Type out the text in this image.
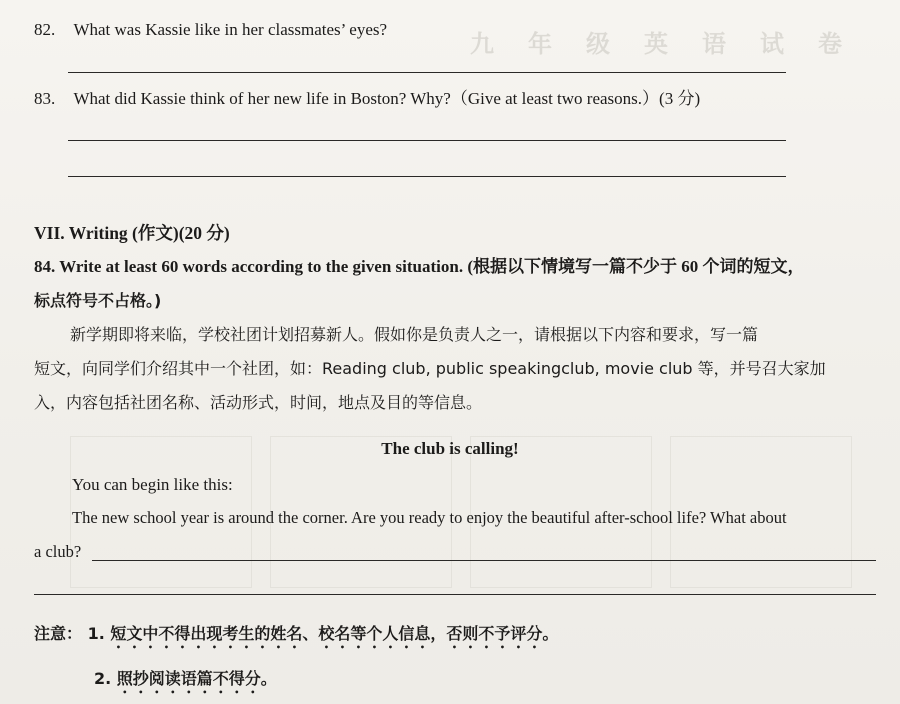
九 年 级 英 语 试 卷
82. What was Kassie like in her classmates’ eyes?
83. What did Kassie think of her new life in Boston? Why?（Give at least two reasons.）(3 分)
VII. Writing (作文)(20 分)
84. Write at least 60 words according to the given situation. (根据以下情境写一篇不少于 60 个词的短文，
标点符号不占格。)
新学期即将来临，学校社团计划招募新人。假如你是负责人之一，请根据以下内容和要求，写一篇
短文，向同学们介绍其中一个社团，如：Reading club, public speakingclub, movie club 等，并号召大家加
入，内容包括社团名称、活动形式，时间，地点及目的等信息。
The club is calling!
You can begin like this:
The new school year is around the corner. Are you ready to enjoy the beautiful after-school life? What about
a club?
注意： 1. 短文中不得出现考生的姓名、校名等个人信息，否则不予评分。
2. 照抄阅读语篇不得分。
